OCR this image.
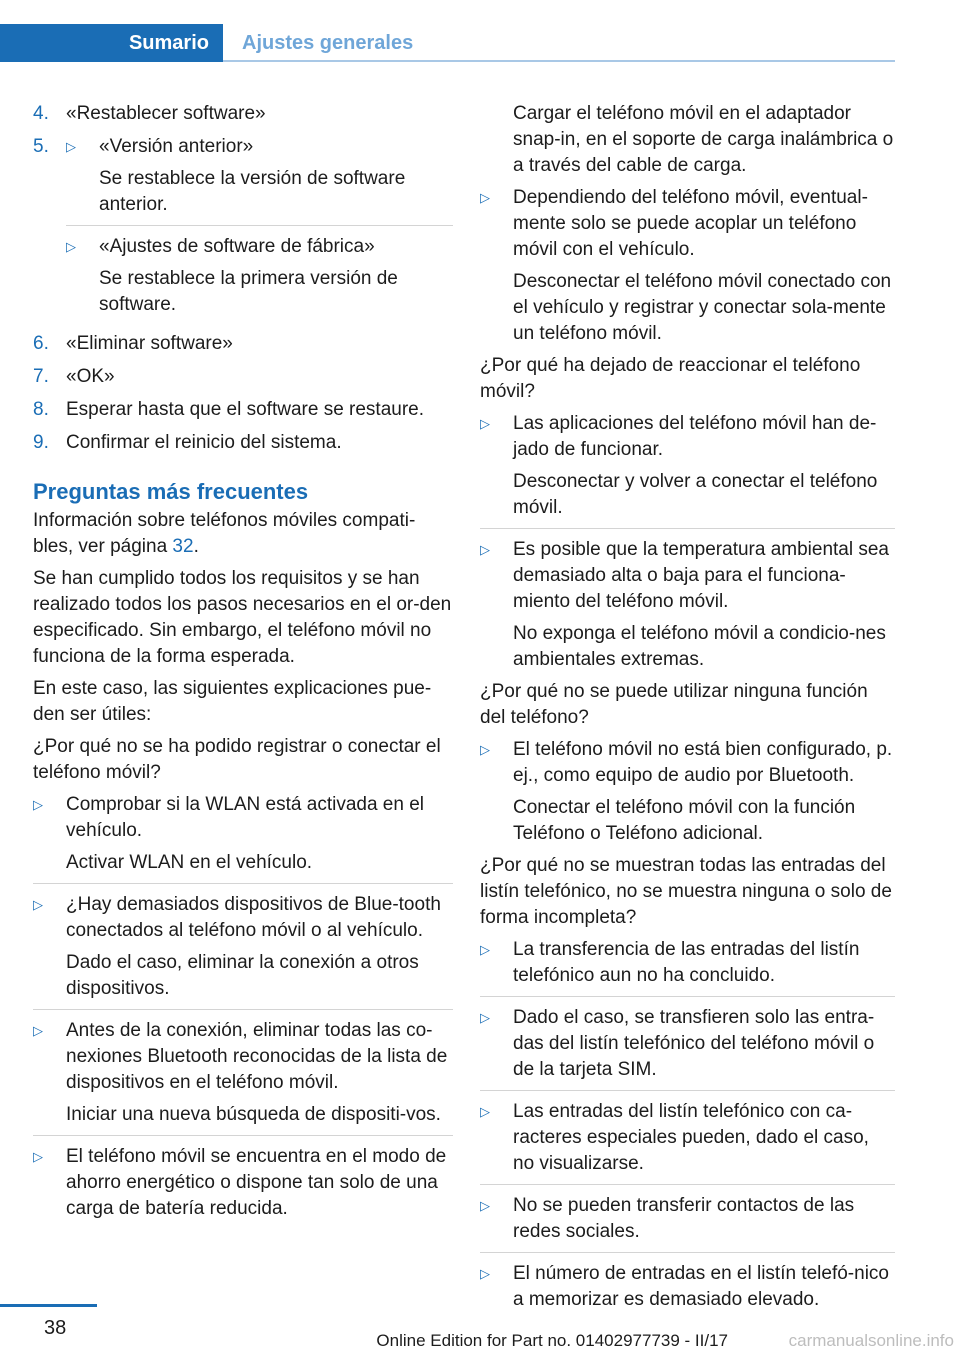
Sumario	Ajustes generales
4. «Restablecer software»
5.	▷	«Versión anterior»

Se restablece la versión de software anterior.

▷	«Ajustes de software de fábrica»

Se restablece la primera versión de software.

6. «Eliminar software»
7. «OK»
8. Esperar hasta que el software se restaure.
9. Confirmar el reinicio del sistema.
Preguntas más frecuentes

Información sobre teléfonos móviles compati‐bles, ver página 32.

Se han cumplido todos los requisitos y se han realizado todos los pasos necesarios en el or‐den especificado. Sin embargo, el teléfono móvil no funciona de la forma esperada.

En este caso, las siguientes explicaciones pue‐den ser útiles:

¿Por qué no se ha podido registrar o conectar el teléfono móvil?

▷	Comprobar si la WLAN está activada en el vehículo.

Activar WLAN en el vehículo.

▷	¿Hay demasiados dispositivos de Blue‐tooth conectados al teléfono móvil o al vehículo.

Dado el caso, eliminar la conexión a otros dispositivos.

▷	Antes de la conexión, eliminar todas las co‐nexiones Bluetooth reconocidas de la lista de dispositivos en el teléfono móvil.

Iniciar una nueva búsqueda de dispositi‐vos.

▷	El teléfono móvil se encuentra en el modo de ahorro energético o dispone tan solo de una carga de batería reducida.

Cargar el teléfono móvil en el adaptador snap-in, en el soporte de carga inalámbrica o a través del cable de carga.

▷	Dependiendo del teléfono móvil, eventual‐mente solo se puede acoplar un teléfono móvil con el vehículo.

Desconectar el teléfono móvil conectado con el vehículo y registrar y conectar sola‐mente un teléfono móvil.

¿Por qué ha dejado de reaccionar el teléfono móvil?

▷	Las aplicaciones del teléfono móvil han de‐jado de funcionar.

Desconectar y volver a conectar el teléfono móvil.

▷	Es posible que la temperatura ambiental sea demasiado alta o baja para el funciona‐miento del teléfono móvil.

No exponga el teléfono móvil a condicio‐nes ambientales extremas.

¿Por qué no se puede utilizar ninguna función del teléfono?

▷	El teléfono móvil no está bien configurado, p. ej., como equipo de audio por Bluetooth.

Conectar el teléfono móvil con la función Teléfono o Teléfono adicional.

¿Por qué no se muestran todas las entradas del listín telefónico, no se muestra ninguna o solo de forma incompleta?

▷	La transferencia de las entradas del listín telefónico aun no ha concluido.

▷	Dado el caso, se transfieren solo las entra‐das del listín telefónico del teléfono móvil o de la tarjeta SIM.

▷	Las entradas del listín telefónico con ca‐racteres especiales pueden, dado el caso, no visualizarse.

▷	No se pueden transferir contactos de las redes sociales.

▷	El número de entradas en el listín telefó‐nico a memorizar es demasiado elevado.

38
Online Edition for Part no. 01402977739 - II/17	carmanualsonline.info
